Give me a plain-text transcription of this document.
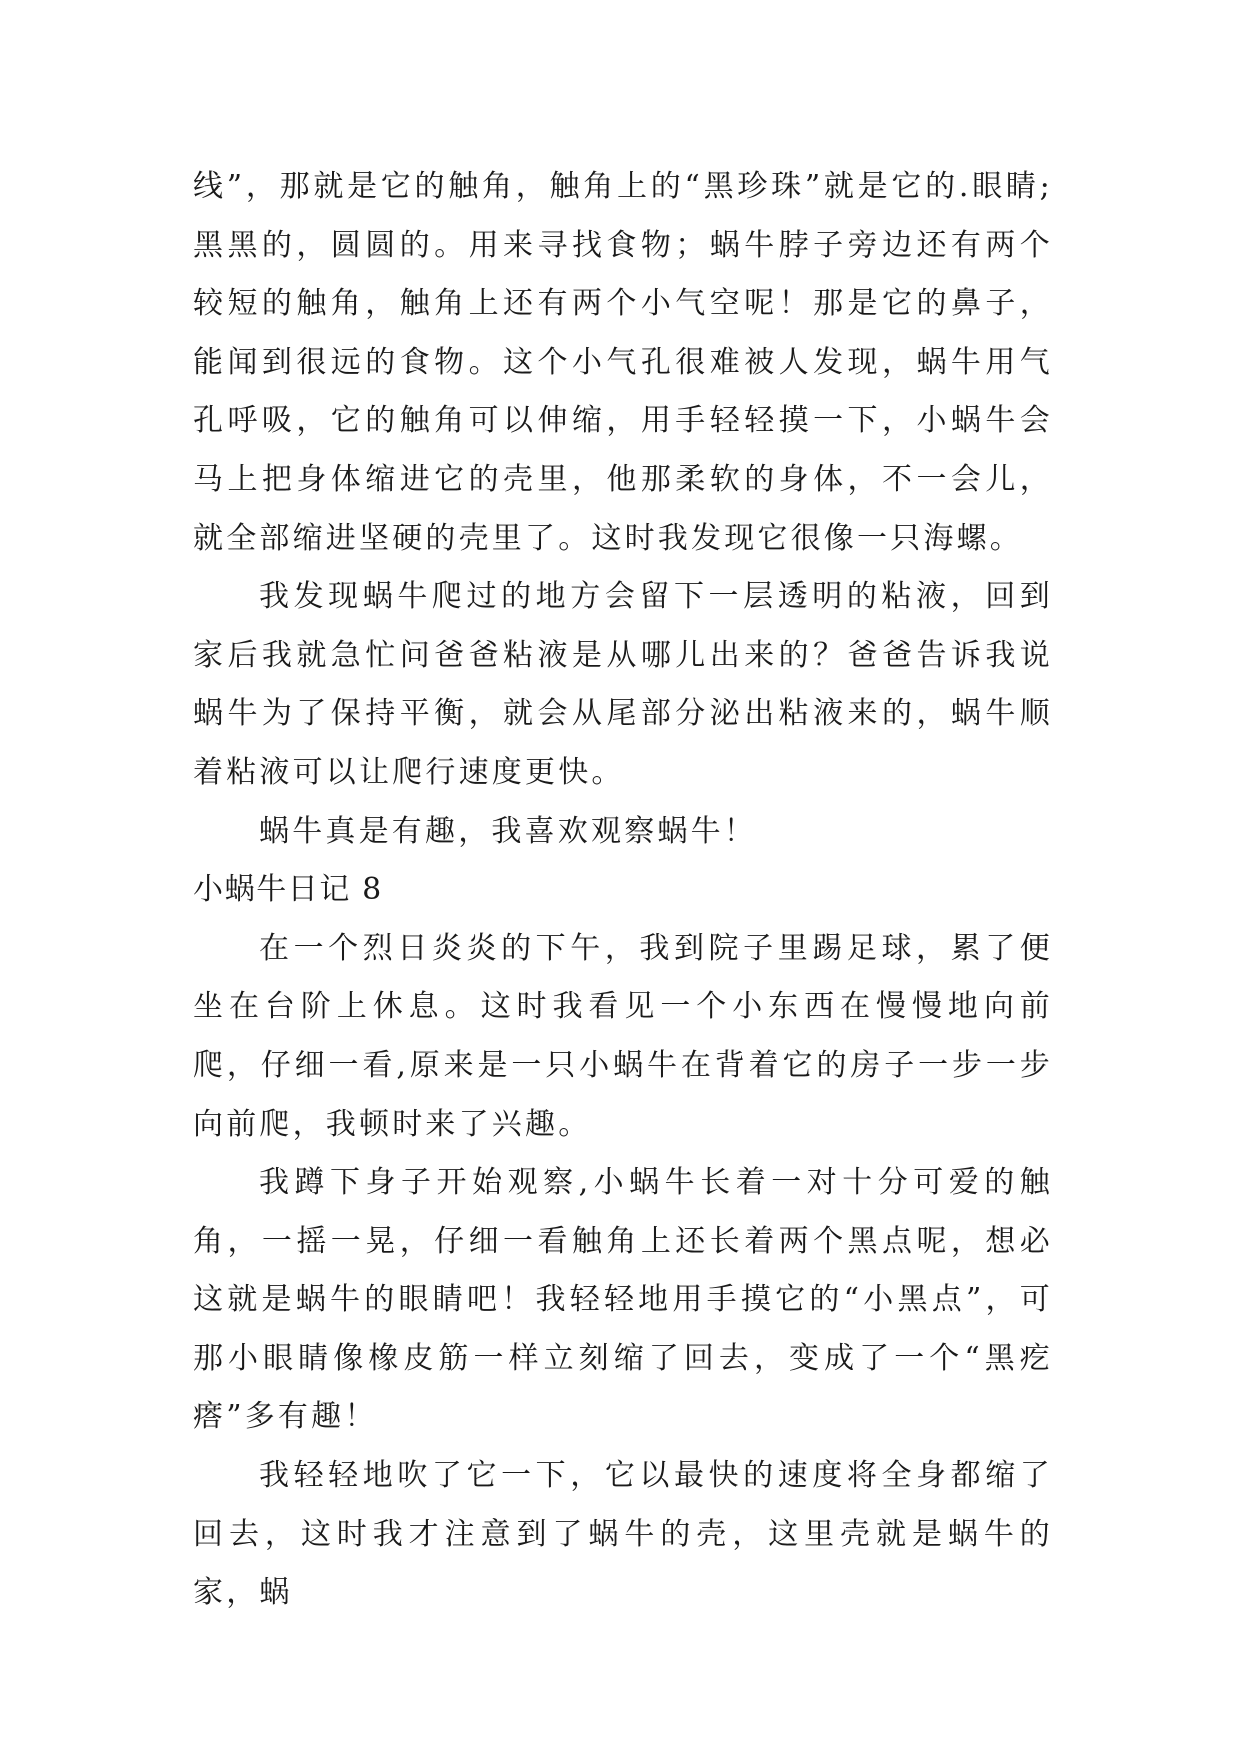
线”，那就是它的触角，触角上的“黑珍珠”就是它的.眼睛;黑黑的，圆圆的。用来寻找食物；蜗牛脖子旁边还有两个较短的触角，触角上还有两个小气空呢！那是它的鼻子，能闻到很远的食物。这个小气孔很难被人发现，蜗牛用气孔呼吸，它的触角可以伸缩，用手轻轻摸一下，小蜗牛会马上把身体缩进它的壳里，他那柔软的身体，不一会儿，就全部缩进坚硬的壳里了。这时我发现它很像一只海螺。

我发现蜗牛爬过的地方会留下一层透明的粘液，回到家后我就急忙问爸爸粘液是从哪儿出来的？爸爸告诉我说蜗牛为了保持平衡，就会从尾部分泌出粘液来的，蜗牛顺着粘液可以让爬行速度更快。

蜗牛真是有趣，我喜欢观察蜗牛！

小蜗牛日记 8

在一个烈日炎炎的下午，我到院子里踢足球，累了便坐在台阶上休息。这时我看见一个小东西在慢慢地向前爬，仔细一看,原来是一只小蜗牛在背着它的房子一步一步向前爬，我顿时来了兴趣。

我蹲下身子开始观察,小蜗牛长着一对十分可爱的触角，一摇一晃，仔细一看触角上还长着两个黑点呢，想必这就是蜗牛的眼睛吧！我轻轻地用手摸它的“小黑点”，可那小眼睛像橡皮筋一样立刻缩了回去，变成了一个“黑疙瘩”多有趣！

我轻轻地吹了它一下，它以最快的速度将全身都缩了回去，这时我才注意到了蜗牛的壳，这里壳就是蜗牛的家，蜗
